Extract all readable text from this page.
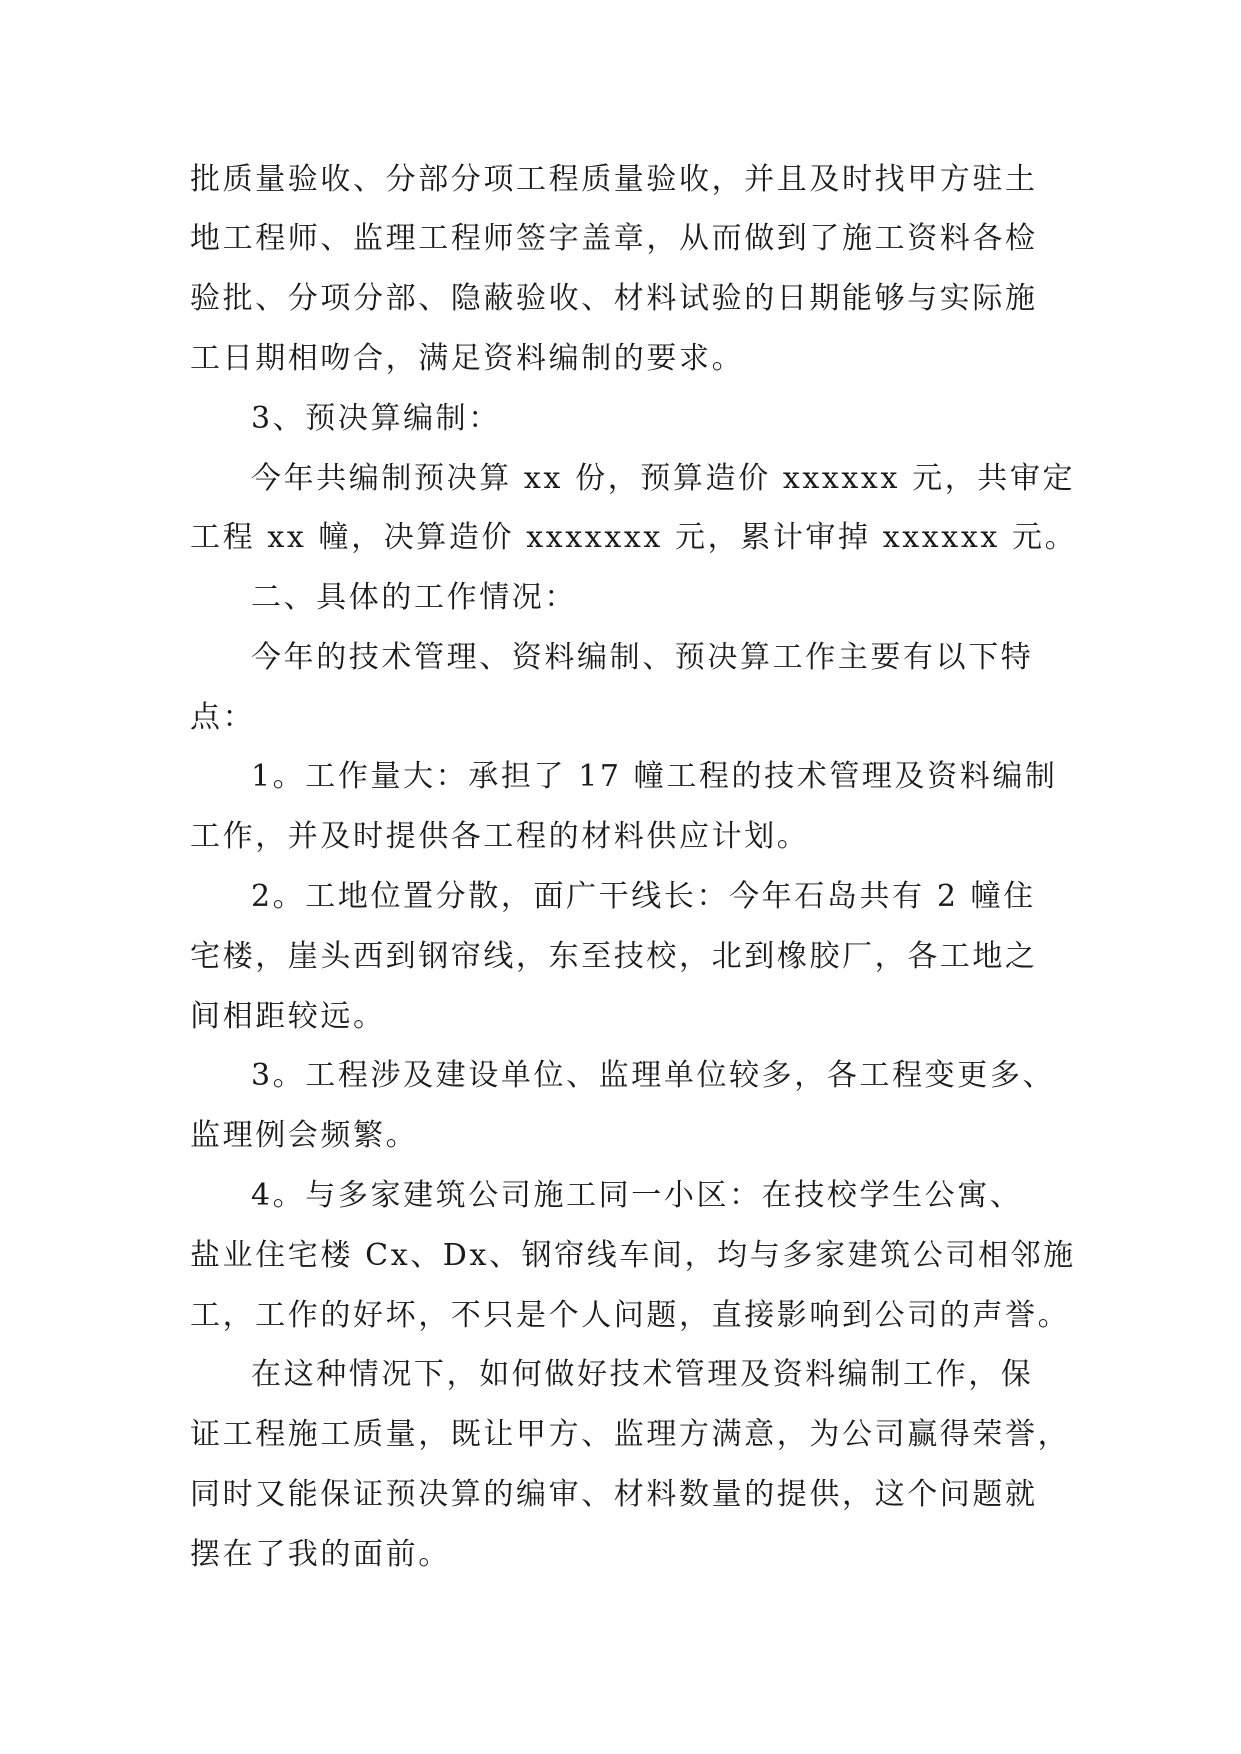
批质量验收、分部分项工程质量验收，并且及时找甲方驻土
地工程师、监理工程师签字盖章，从而做到了施工资料各检
验批、分项分部、隐蔽验收、材料试验的日期能够与实际施
工日期相吻合，满足资料编制的要求。
3、预决算编制：
今年共编制预决算 xx 份，预算造价 xxxxxx 元，共审定
工程 xx 幢，决算造价 xxxxxxx 元，累计审掉 xxxxxx 元。
二、具体的工作情况：
今年的技术管理、资料编制、预决算工作主要有以下特
点：
1。工作量大：承担了 17 幢工程的技术管理及资料编制
工作，并及时提供各工程的材料供应计划。
2。工地位置分散，面广干线长：今年石岛共有 2 幢住
宅楼，崖头西到钢帘线，东至技校，北到橡胶厂，各工地之
间相距较远。
3。工程涉及建设单位、监理单位较多，各工程变更多、
监理例会频繁。
4。与多家建筑公司施工同一小区：在技校学生公寓、
盐业住宅楼 Cx、Dx、钢帘线车间，均与多家建筑公司相邻施
工，工作的好坏，不只是个人问题，直接影响到公司的声誉。
在这种情况下，如何做好技术管理及资料编制工作，保
证工程施工质量，既让甲方、监理方满意，为公司赢得荣誉，
同时又能保证预决算的编审、材料数量的提供，这个问题就
摆在了我的面前。
